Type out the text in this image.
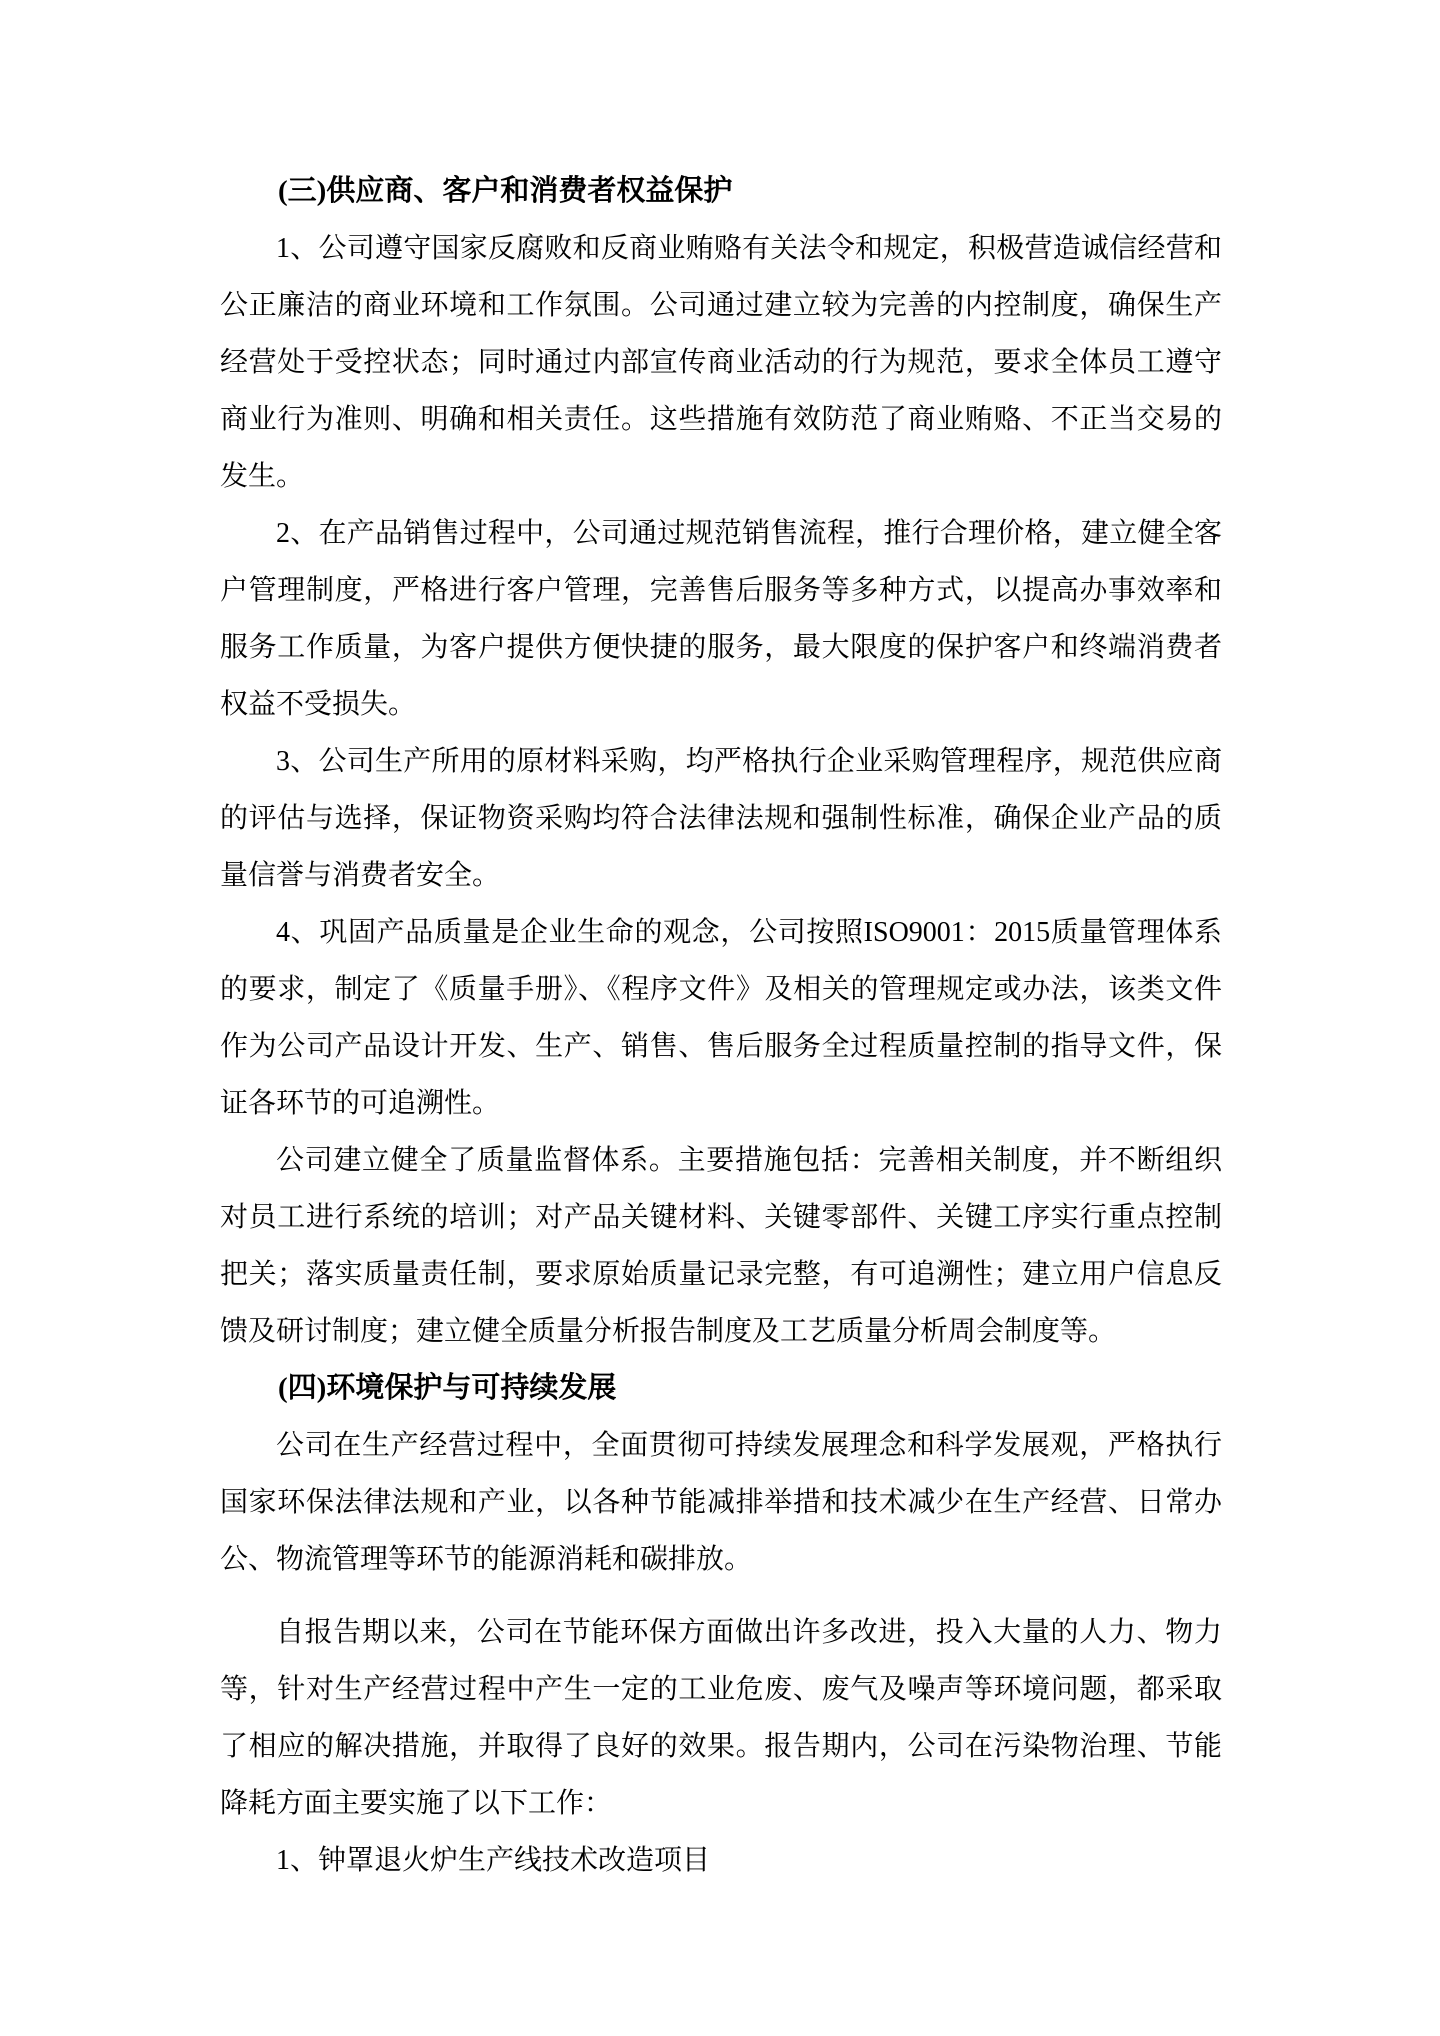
(三)供应商、客户和消费者权益保护

1、公司遵守国家反腐败和反商业贿赂有关法令和规定，积极营造诚信经营和公正廉洁的商业环境和工作氛围。公司通过建立较为完善的内控制度，确保生产经营处于受控状态；同时通过内部宣传商业活动的行为规范，要求全体员工遵守商业行为准则、明确和相关责任。这些措施有效防范了商业贿赂、不正当交易的发生。

2、在产品销售过程中，公司通过规范销售流程，推行合理价格，建立健全客户管理制度，严格进行客户管理，完善售后服务等多种方式，以提高办事效率和服务工作质量，为客户提供方便快捷的服务，最大限度的保护客户和终端消费者权益不受损失。

3、公司生产所用的原材料采购，均严格执行企业采购管理程序，规范供应商的评估与选择，保证物资采购均符合法律法规和强制性标准，确保企业产品的质量信誉与消费者安全。

4、巩固产品质量是企业生命的观念，公司按照ISO9001：2015质量管理体系的要求，制定了《质量手册》、《程序文件》及相关的管理规定或办法，该类文件作为公司产品设计开发、生产、销售、售后服务全过程质量控制的指导文件，保证各环节的可追溯性。

公司建立健全了质量监督体系。主要措施包括：完善相关制度，并不断组织对员工进行系统的培训；对产品关键材料、关键零部件、关键工序实行重点控制把关；落实质量责任制，要求原始质量记录完整，有可追溯性；建立用户信息反馈及研讨制度；建立健全质量分析报告制度及工艺质量分析周会制度等。

(四)环境保护与可持续发展

公司在生产经营过程中，全面贯彻可持续发展理念和科学发展观，严格执行国家环保法律法规和产业，以各种节能减排举措和技术减少在生产经营、日常办公、物流管理等环节的能源消耗和碳排放。

自报告期以来，公司在节能环保方面做出许多改进，投入大量的人力、物力等，针对生产经营过程中产生一定的工业危废、废气及噪声等环境问题，都采取了相应的解决措施，并取得了良好的效果。报告期内，公司在污染物治理、节能降耗方面主要实施了以下工作：

1、钟罩退火炉生产线技术改造项目
